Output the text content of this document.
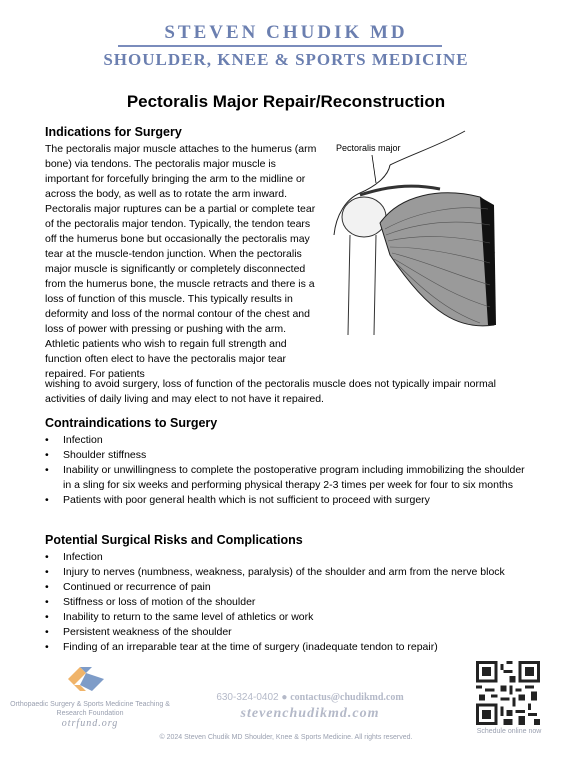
STEVEN CHUDIK MD
SHOULDER, KNEE & SPORTS MEDICINE
Pectoralis Major Repair/Reconstruction
Pectoralis major
Indications for Surgery
The pectoralis major muscle attaches to the humerus (arm bone) via tendons. The pectoralis major muscle is important for forcefully bringing the arm to the midline or across the body, as well as to rotate the arm inward. Pectoralis major ruptures can be a partial or complete tear of the pectoralis major tendon. Typically, the tendon tears off the humerus bone but occasionally the pectoralis may tear at the muscle-tendon junction. When the pectoralis major muscle is significantly or completely disconnected from the humerus bone, the muscle retracts and there is a loss of function of this muscle. This typically results in deformity and loss of the normal contour of the chest and loss of power with pressing or pushing with the arm. Athletic patients who wish to regain full strength and function often elect to have the pectoralis major tear repaired. For patients
wishing to avoid surgery, loss of function of the pectoralis muscle does not typically impair normal activities of daily living and may elect to not have it repaired.
Contraindications to Surgery
• Infection
• Shoulder stiffness
• Inability or unwillingness to complete the postoperative program including immobilizing the shoulder in a sling for six weeks and performing physical therapy 2-3 times per week for four to six months
• Patients with poor general health which is not sufficient to proceed with surgery
Potential Surgical Risks and Complications
• Infection
• Injury to nerves (numbness, weakness, paralysis) of the shoulder and arm from the nerve block
• Continued or recurrence of pain
• Stiffness or loss of motion of the shoulder
• Inability to return to the same level of athletics or work
• Persistent weakness of the shoulder
• Finding of an irreparable tear at the time of surgery (inadequate tendon to repair)
Orthopaedic Surgery & Sports Medicine Teaching & Research Foundation
otrfund.org
630-324-0402 ● contactus@chudikmd.com
stevenchudikmd.com
© 2024 Steven Chudik MD Shoulder, Knee & Sports Medicine. All rights reserved.
Schedule online now
